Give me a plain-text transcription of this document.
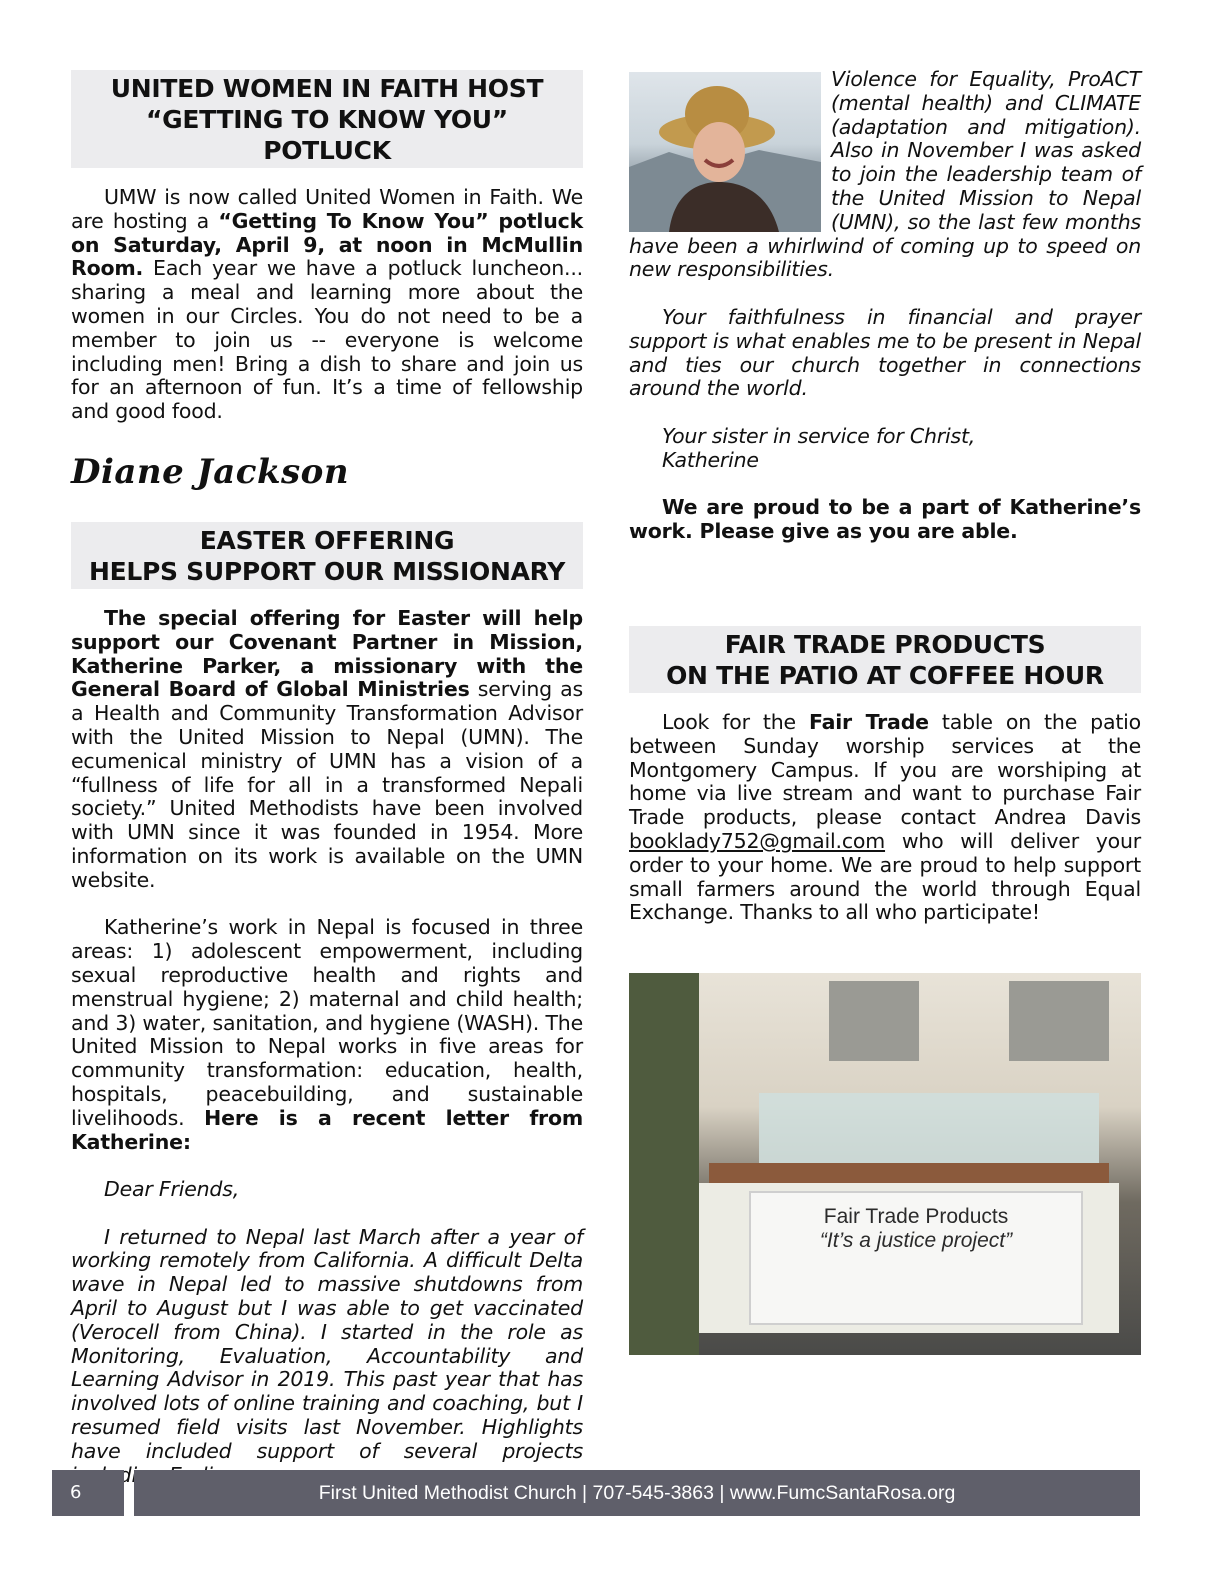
UNITED WOMEN IN FAITH HOST
“GETTING TO KNOW YOU” POTLUCK

UMW is now called United Women in Faith. We are hosting a “Getting To Know You” potluck on Saturday, April 9, at noon in McMullin Room. Each year we have a potluck luncheon... sharing a meal and learning more about the women in our Circles. You do not need to be a member to join us -- everyone is welcome including men! Bring a dish to share and join us for an afternoon of fun. It’s a time of fellowship and good food.

Diane Jackson
EASTER OFFERING
HELPS SUPPORT OUR MISSIONARY

The special offering for Easter will help support our Covenant Partner in Mission, Katherine Parker, a missionary with the General Board of Global Ministries serving as a Health and Community Transformation Advisor with the United Mission to Nepal (UMN). The ecumenical ministry of UMN has a vision of a “fullness of life for all in a transformed Nepali society.” United Methodists have been involved with UMN since it was founded in 1954. More information on its work is available on the UMN website.

Katherine’s work in Nepal is focused in three areas: 1) adolescent empowerment, including sexual reproductive health and rights and menstrual hygiene; 2) maternal and child health; and 3) water, sanitation, and hygiene (WASH). The United Mission to Nepal works in five areas for community transformation: education, health, hospitals, peacebuilding, and sustainable livelihoods. Here is a recent letter from Katherine:

Dear Friends,

I returned to Nepal last March after a year of working remotely from California. A difficult Delta wave in Nepal led to massive shutdowns from April to August but I was able to get vaccinated (Verocell from China). I started in the role as Monitoring, Evaluation, Accountability and Learning Advisor in 2019. This past year that has involved lots of online training and coaching, but I resumed field visits last November. Highlights have included support of several projects

Violence for Equality, ProACT (mental health) and CLIMATE (adaptation and mitigation). Also in November I was asked to join the leadership team of the United Mission to Nepal (UMN), so the last few months have been a whirlwind of coming up to speed on new responsibilities.

Your faithfulness in financial and prayer support is what enables me to be present in Nepal and ties our church together in connections around the world.

Your sister in service for Christ,

Katherine

We are proud to be a part of Katherine’s work. Please give as you are able.

FAIR TRADE PRODUCTS
ON THE PATIO AT COFFEE HOUR

Look for the Fair Trade table on the patio between Sunday worship services at the Montgomery Campus. If you are worshiping at home via live stream and want to purchase Fair Trade products, please contact Andrea Davis booklady752@gmail.com who will deliver your order to your home. We are proud to help support small farmers around the world through Equal Exchange. Thanks to all who participate!

Fair Trade Products
“It’s a justice project”
6	First United Methodist Church | 707-545-3863 | www.FumcSantaRosa.org
